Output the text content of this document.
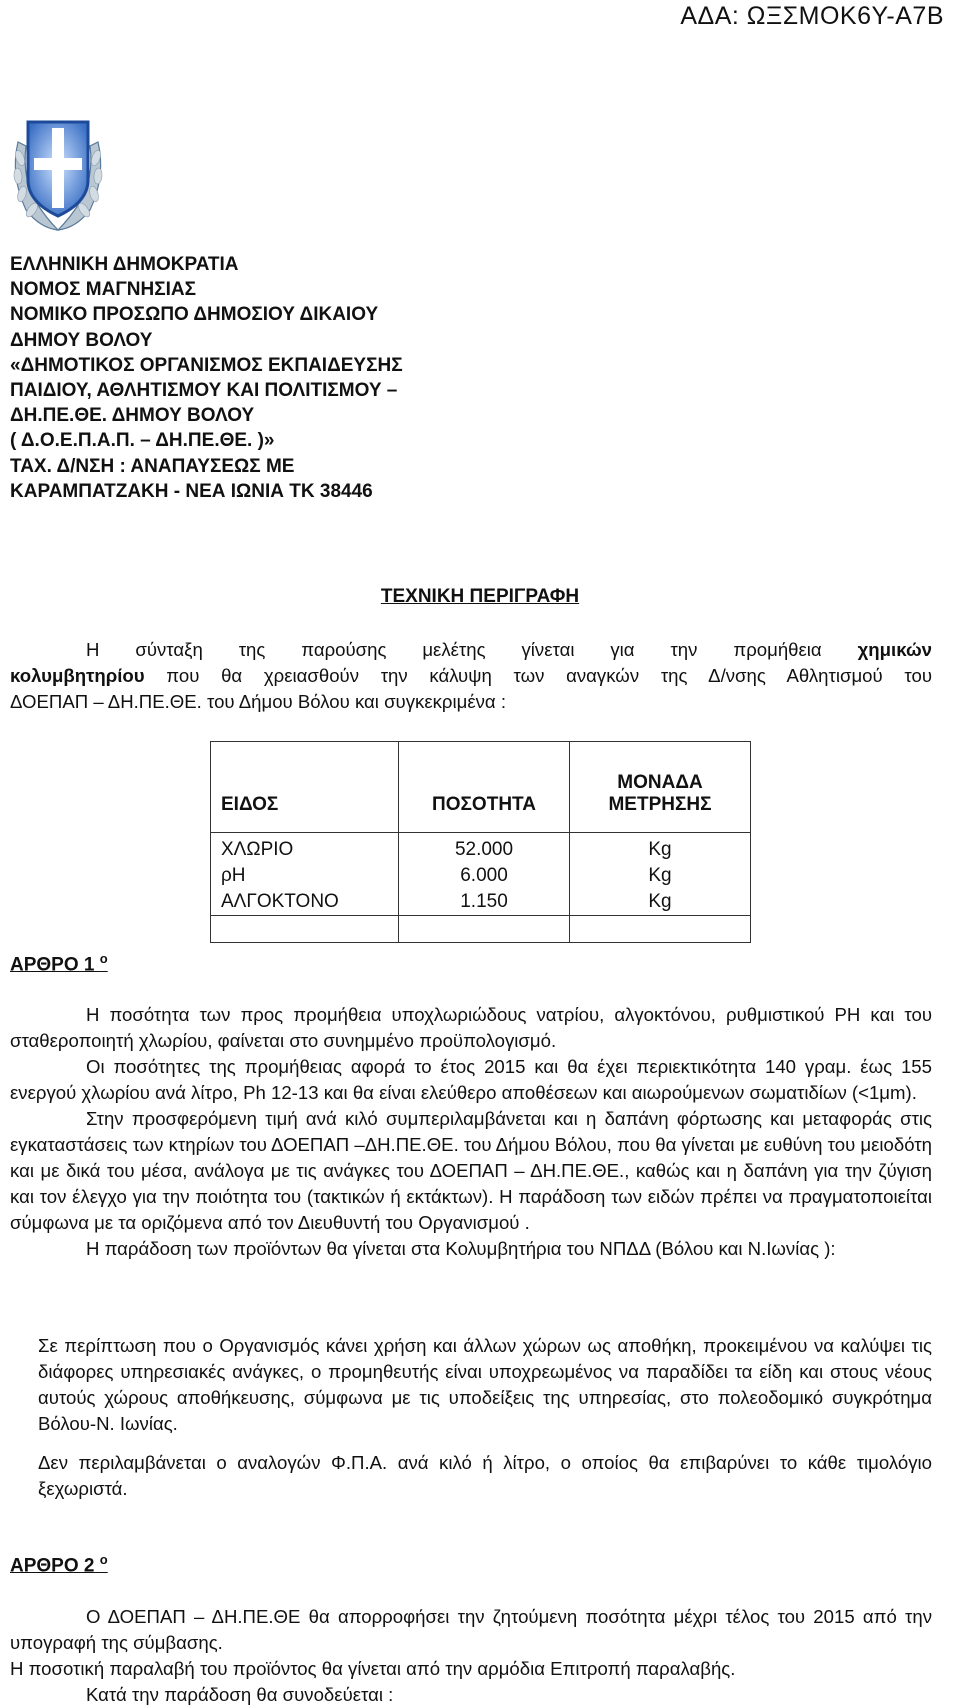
ΑΔΑ: ΩΞΣΜΟΚ6Υ-Α7Β
ΕΛΛΗΝΙΚΗ ΔΗΜΟΚΡΑΤΙΑ
ΝΟΜΟΣ ΜΑΓΝΗΣΙΑΣ
ΝΟΜΙΚΟ ΠΡΟΣΩΠΟ ΔΗΜΟΣΙΟΥ ΔΙΚΑΙΟΥ
ΔΗΜΟΥ ΒΟΛΟΥ
«ΔΗΜΟΤΙΚΟΣ ΟΡΓΑΝΙΣΜΟΣ ΕΚΠΑΙΔΕΥΣΗΣ
ΠΑΙΔΙΟΥ, ΑΘΛΗΤΙΣΜΟΥ ΚΑΙ ΠΟΛΙΤΙΣΜΟΥ –
ΔΗ.ΠΕ.ΘΕ. ΔΗΜΟΥ ΒΟΛΟΥ
( Δ.Ο.Ε.Π.Α.Π. – ΔΗ.ΠΕ.ΘΕ. )»
ΤΑΧ. Δ/ΝΣΗ : ΑΝΑΠΑΥΣΕΩΣ ΜΕ
ΚΑΡΑΜΠΑΤΖΑΚΗ - ΝΕΑ ΙΩΝΙΑ ΤΚ 38446
ΤΕΧΝΙΚΗ ΠΕΡΙΓΡΑΦΗ
Η σύνταξη της παρούσης μελέτης γίνεται για την προμήθεια χημικών
κολυμβητηρίου που θα χρειασθούν την κάλυψη των αναγκών της Δ/νσης Αθλητισμού του
ΔΟΕΠΑΠ – ΔΗ.ΠΕ.ΘΕ. του Δήμου Βόλου και συγκεκριμένα :
ΕΙΔΟΣ	ΠΟΣΟΤΗΤΑ	ΜΟΝΑΔΑ
ΜΕΤΡΗΣΗΣ

ΧΛΩΡΙΟ	52.000	Kg
ρΗ	6.000	Kg
ΑΛΓΟΚΤΟΝΟ	1.150	Kg

ΑΡΘΡΟ 1 $^o$
Η ποσότητα των προς προμήθεια υποχλωριώδους νατρίου, αλγοκτόνου, ρυθμιστικού ΡΗ και του σταθεροποιητή χλωρίου, φαίνεται στο συνημμένο προϋπολογισμό.
Οι ποσότητες της προμήθειας αφορά το έτος 2015 και θα έχει περιεκτικότητα 140 γραμ. έως 155 ενεργού χλωρίου ανά λίτρο, Ph 12-13 και θα είναι ελεύθερο αποθέσεων και αιωρούμενων σωματιδίων (<1μm).
Στην προσφερόμενη τιμή ανά κιλό συμπεριλαμβάνεται και η δαπάνη φόρτωσης και μεταφοράς στις εγκαταστάσεις των κτηρίων του ΔΟΕΠΑΠ –ΔΗ.ΠΕ.ΘΕ. του Δήμου Βόλου, που θα γίνεται με ευθύνη του μειοδότη και με δικά του μέσα, ανάλογα με τις ανάγκες του ΔΟΕΠΑΠ – ΔΗ.ΠΕ.ΘΕ., καθώς και η δαπάνη για την ζύγιση και τον έλεγχο για την ποιότητα του (τακτικών ή εκτάκτων). Η παράδοση των ειδών πρέπει να πραγματοποιείται σύμφωνα με τα οριζόμενα από τον Διευθυντή του Οργανισμού .
Η παράδοση των προϊόντων θα γίνεται στα Κολυμβητήρια του ΝΠΔΔ (Βόλου και Ν.Ιωνίας ):
Σε περίπτωση που ο Οργανισμός κάνει χρήση και άλλων χώρων ως αποθήκη, προκειμένου να καλύψει τις διάφορες υπηρεσιακές ανάγκες, ο προμηθευτής είναι υποχρεωμένος να παραδίδει τα είδη και στους νέους αυτούς χώρους αποθήκευσης, σύμφωνα με τις υποδείξεις της υπηρεσίας, στο πολεοδομικό συγκρότημα Βόλου-Ν. Ιωνίας.
Δεν περιλαμβάνεται ο αναλογών Φ.Π.Α. ανά κιλό ή λίτρο, ο οποίος θα επιβαρύνει το κάθε τιμολόγιο ξεχωριστά.
ΑΡΘΡΟ 2 $^o$
Ο ΔΟΕΠΑΠ – ΔΗ.ΠΕ.ΘΕ θα απορροφήσει την ζητούμενη ποσότητα μέχρι τέλος του 2015 από την υπογραφή της σύμβασης.
Η ποσοτική παραλαβή του προϊόντος θα γίνεται από την αρμόδια Επιτροπή παραλαβής.
Κατά την παράδοση θα συνοδεύεται :
